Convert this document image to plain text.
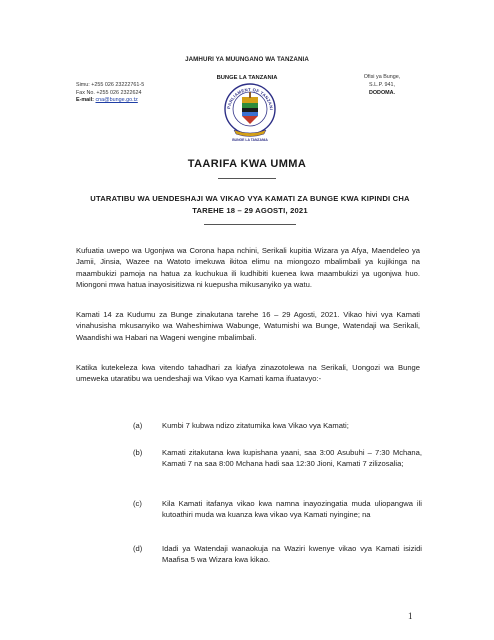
JAMHURI YA MUUNGANO WA TANZANIA
BUNGE LA TANZANIA
Simu: +255 026 23222761-5
Fax No. +255 026 2322624
E-mail: cna@bunge.go.tz
Ofisi ya Bunge,
S.L.P. 941,
DODOMA.
PARLIAMENT OF TANZANI
BUNGE LA TANZANIA
TAARIFA KWA UMMA
UTARATIBU WA UENDESHAJI WA VIKAO VYA KAMATI ZA BUNGE KWA KIPINDI CHA TAREHE 18 – 29 AGOSTI, 2021
Kufuatia uwepo wa Ugonjwa wa Corona hapa nchini, Serikali kupitia Wizara ya Afya, Maendeleo ya Jamii, Jinsia, Wazee na Watoto imekuwa ikitoa elimu na miongozo mbalimbali ya kujikinga na maambukizi pamoja na hatua za kuchukua ili kudhibiti kuenea kwa maambukizi ya ugonjwa huo. Miongoni mwa hatua inayosisitizwa ni kuepusha mikusanyiko ya watu.
Kamati 14 za Kudumu za Bunge zinakutana tarehe 16 – 29 Agosti, 2021. Vikao hivi vya Kamati vinahusisha mkusanyiko wa Waheshimiwa Wabunge, Watumishi wa Bunge, Watendaji wa Serikali, Waandishi wa Habari na Wageni wengine mbalimbali.
Katika kutekeleza kwa vitendo tahadhari za kiafya zinazotolewa na Serikali, Uongozi wa Bunge umeweka utaratibu wa uendeshaji wa Vikao vya Kamati kama ifuatavyo:-
(a)	Kumbi 7 kubwa ndizo zitatumika kwa Vikao vya Kamati;
(b)	Kamati zitakutana kwa kupishana yaani, saa 3:00 Asubuhi – 7:30 Mchana, Kamati 7 na saa 8:00 Mchana hadi saa 12:30 Jioni, Kamati 7 zilizosalia;
(c)	Kila Kamati itafanya vikao kwa namna inayozingatia muda uliopangwa ili kutoathiri muda wa kuanza kwa vikao vya Kamati nyingine; na
(d)	Idadi ya Watendaji wanaokuja na Waziri kwenye vikao vya Kamati isizidi Maafisa 5 wa Wizara kwa kikao.
1
